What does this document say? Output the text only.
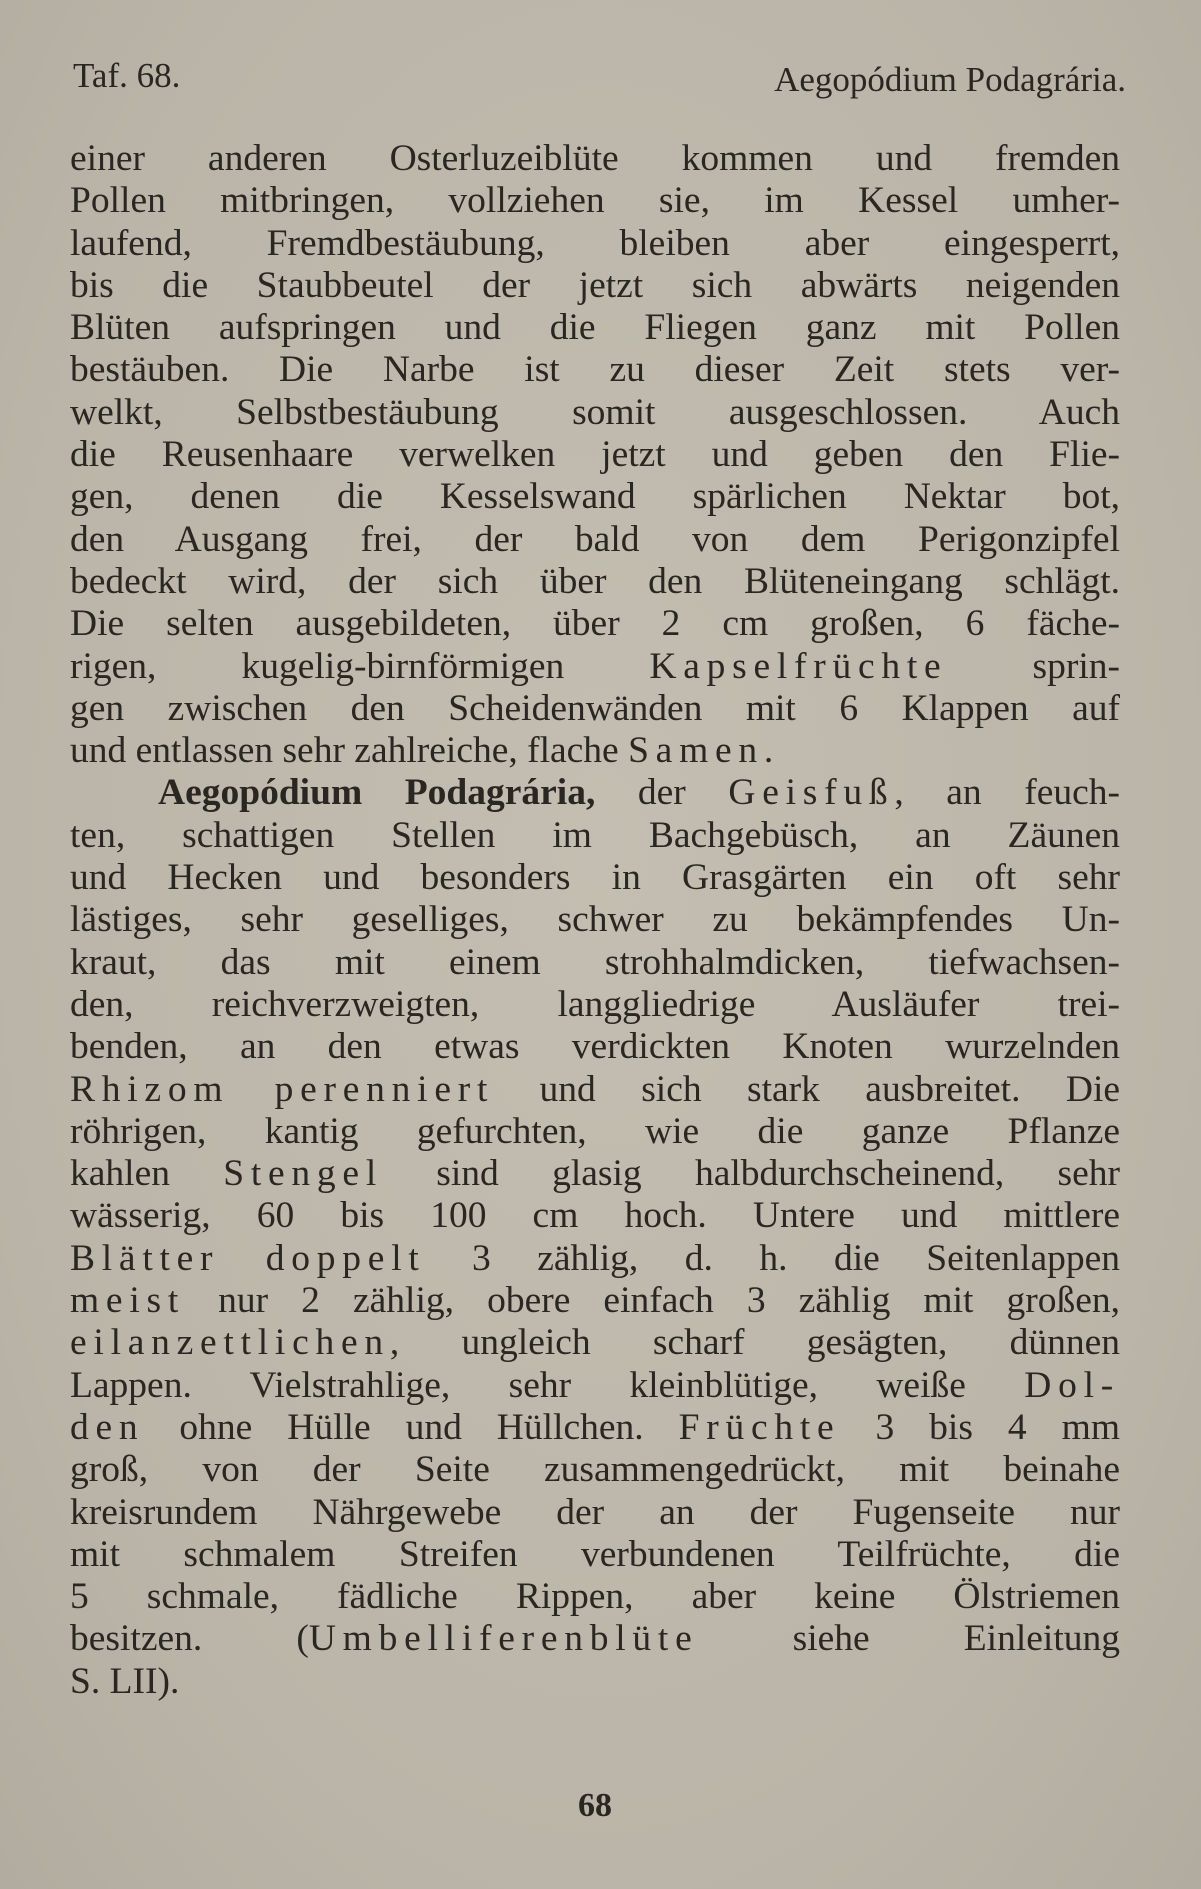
Taf. 68.	Aegopódium Podagrária.
einer anderen Osterluzeiblüte kommen und fremden
Pollen mitbringen, vollziehen sie, im Kessel umher-
laufend, Fremdbestäubung, bleiben aber eingesperrt,
bis die Staubbeutel der jetzt sich abwärts neigenden
Blüten aufspringen und die Fliegen ganz mit Pollen
bestäuben. Die Narbe ist zu dieser Zeit stets ver-
welkt, Selbstbestäubung somit ausgeschlossen. Auch
die Reusenhaare verwelken jetzt und geben den Flie-
gen, denen die Kesselswand spärlichen Nektar bot,
den Ausgang frei, der bald von dem Perigonzipfel
bedeckt wird, der sich über den Blüteneingang schlägt.
Die selten ausgebildeten, über 2 cm großen, 6 fäche-
rigen, kugelig-birnförmigen Kapselfrüchte sprin-
gen zwischen den Scheidenwänden mit 6 Klappen auf
und entlassen sehr zahlreiche, flache Samen.
Aegopódium Podagrária, der Geisfuß, an feuch-
ten, schattigen Stellen im Bachgebüsch, an Zäunen
und Hecken und besonders in Grasgärten ein oft sehr
lästiges, sehr geselliges, schwer zu bekämpfendes Un-
kraut, das mit einem strohhalmdicken, tiefwachsen-
den, reichverzweigten, langgliedrige Ausläufer trei-
benden, an den etwas verdickten Knoten wurzelnden
Rhizom perenniert und sich stark ausbreitet. Die
röhrigen, kantig gefurchten, wie die ganze Pflanze
kahlen Stengel sind glasig halbdurchscheinend, sehr
wässerig, 60 bis 100 cm hoch. Untere und mittlere
Blätter doppelt 3 zählig, d. h. die Seitenlappen
meist nur 2 zählig, obere einfach 3 zählig mit großen,
eilanzettlichen, ungleich scharf gesägten, dünnen
Lappen. Vielstrahlige, sehr kleinblütige, weiße Dol-
den ohne Hülle und Hüllchen. Früchte 3 bis 4 mm
groß, von der Seite zusammengedrückt, mit beinahe
kreisrundem Nährgewebe der an der Fugenseite nur
mit schmalem Streifen verbundenen Teilfrüchte, die
5 schmale, fädliche Rippen, aber keine Ölstriemen
besitzen. (Umbelliferenblüte siehe Einleitung
S. LII).
68
